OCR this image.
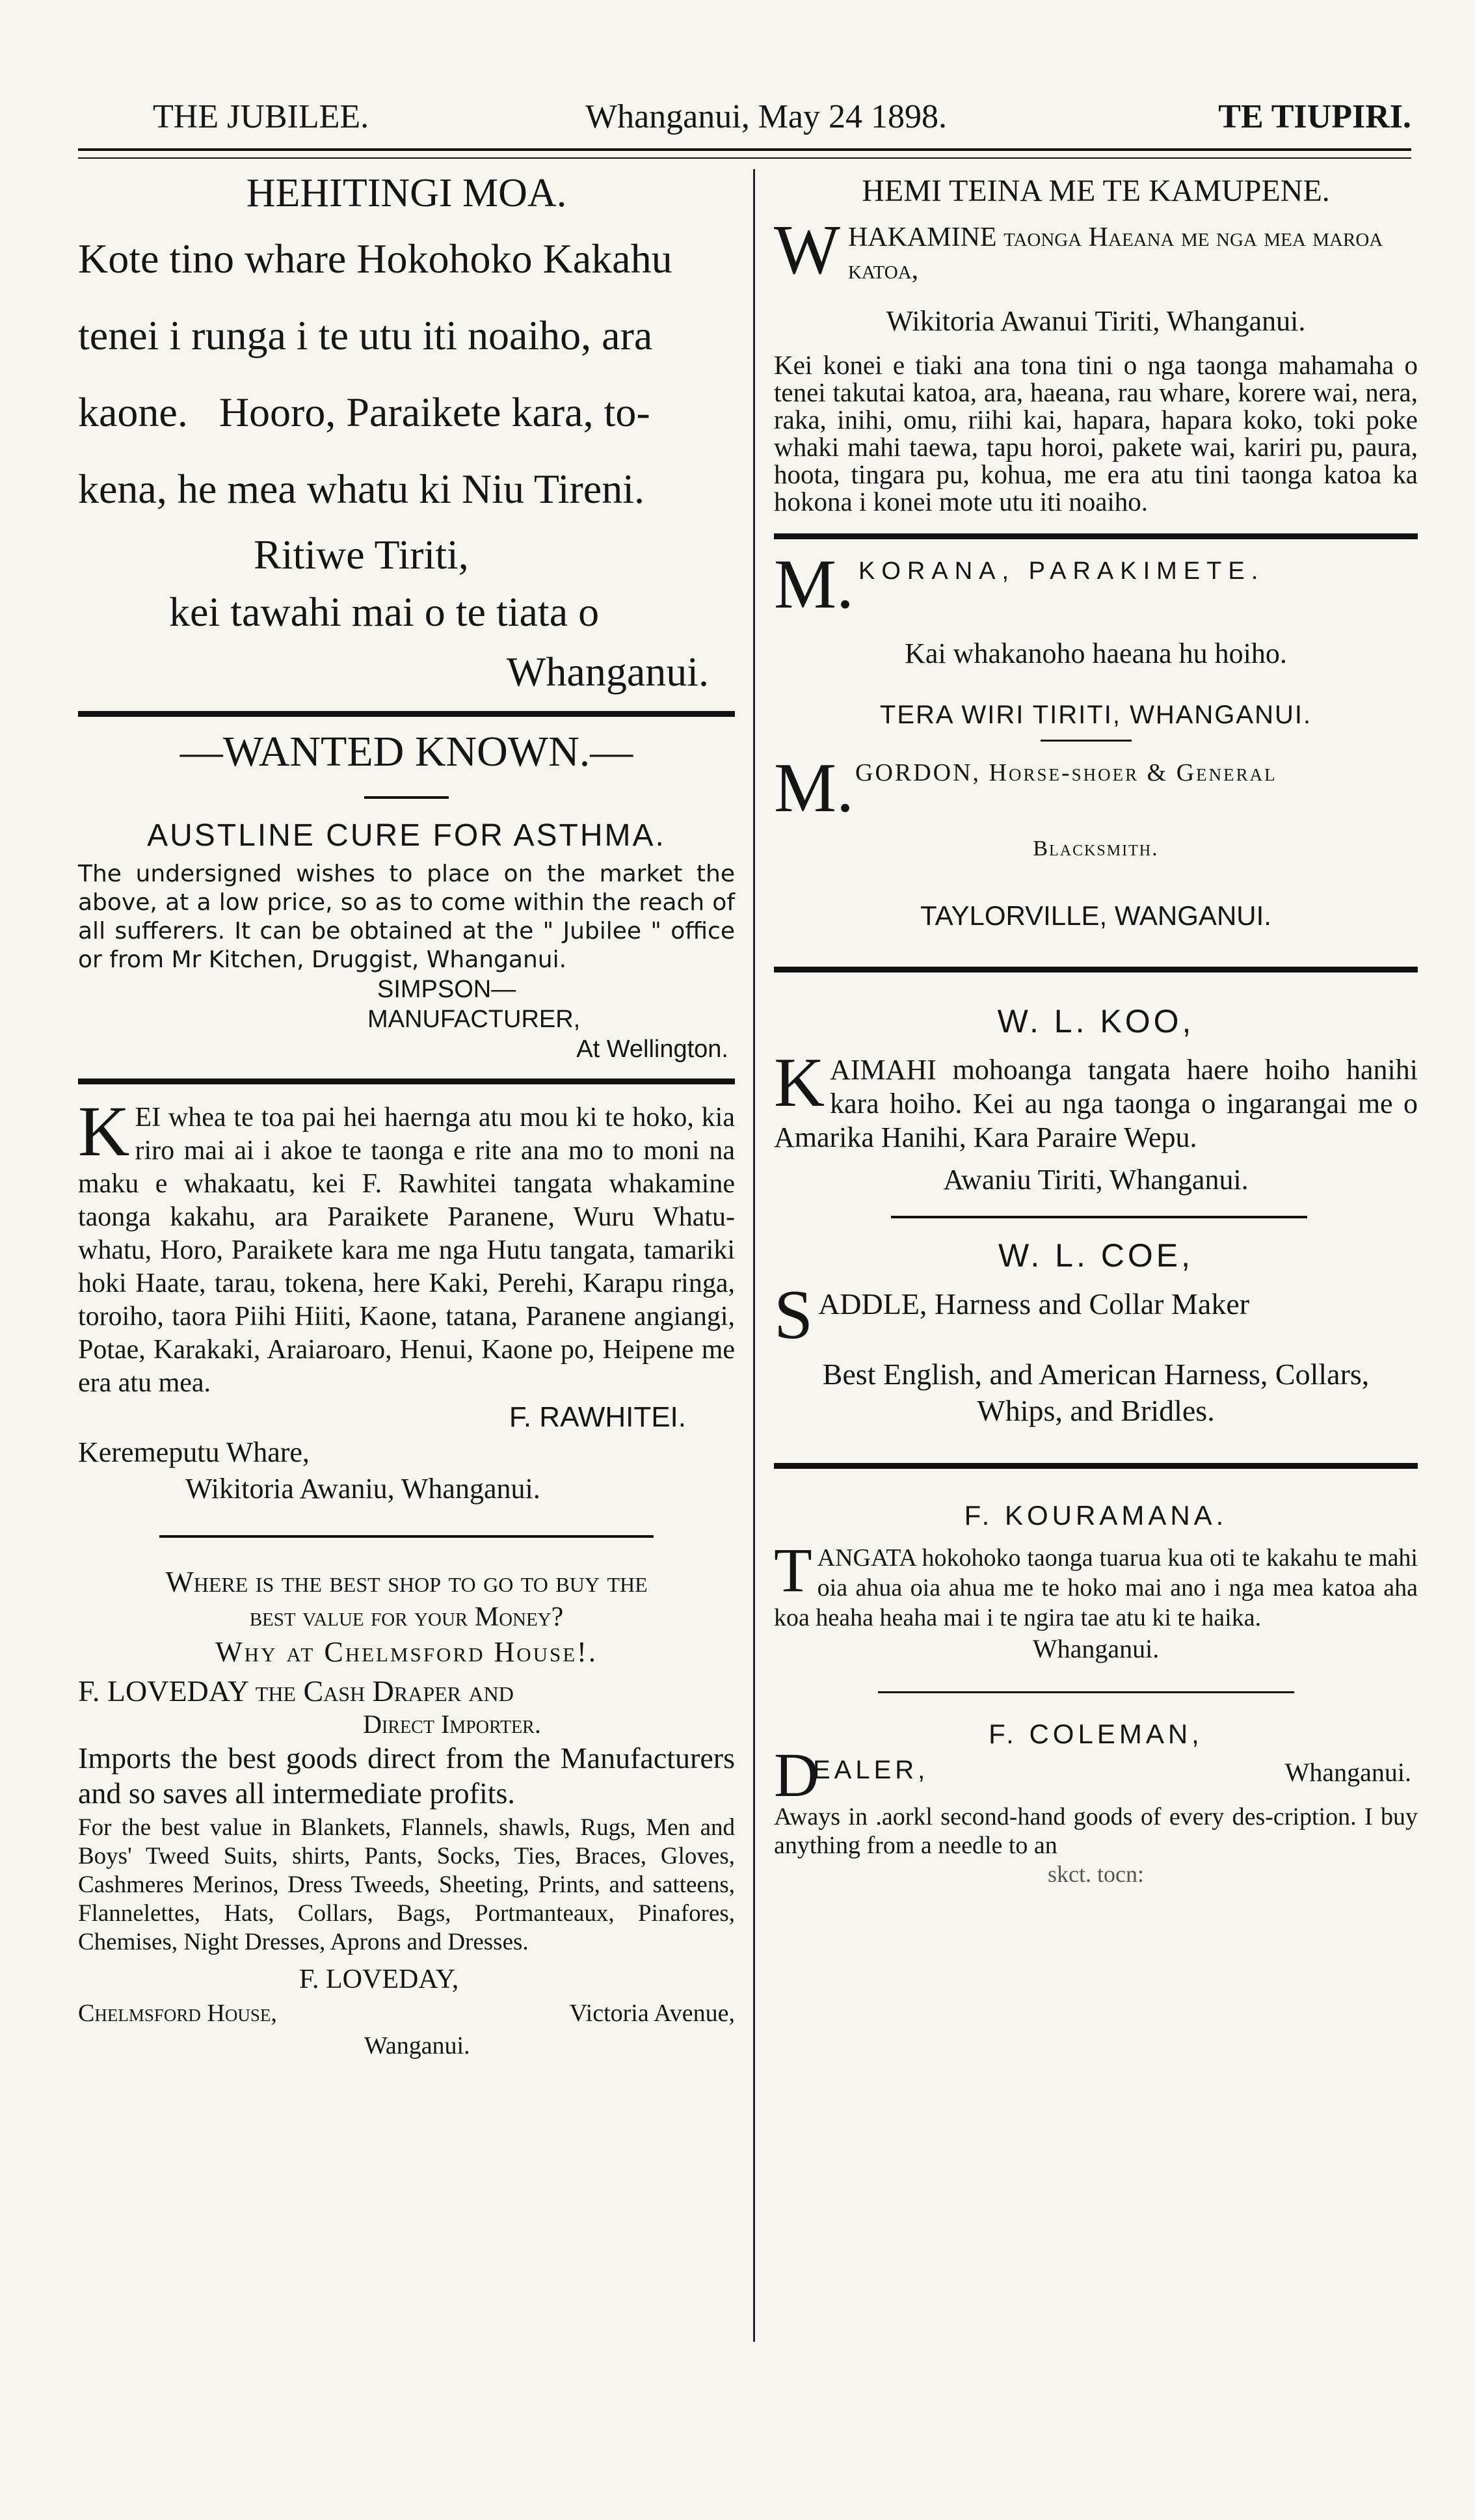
THE JUBILEE.	Whanganui, May 24 1898.	TE TIUPIRI.
HEHITINGI MOA.
Kote tino whare Hokohoko Kakahu
tenei i runga i te utu iti noaiho, ara
kaone.   Hooro, Paraikete kara, to-
kena, he mea whatu ki Niu Tireni.
Ritiwe Tiriti,
kei tawahi mai o te tiata o
Whanganui.
—WANTED KNOWN.—
AUSTLINE CURE FOR ASTHMA.

The undersigned wishes to place on the market the above, at a low price, so as to come within the reach of all sufferers. It can be obtained at the " Jubilee " office or from Mr Kitchen, Druggist, Whanganui.

SIMPSON—
MANUFACTURER,
At Wellington.

KEI whea te toa pai hei haernga atu mou ki te hoko, kia riro mai ai i akoe te taonga e rite ana mo to moni na maku e whakaatu, kei F. Rawhitei tangata whakamine taonga kakahu, ara Paraikete Paranene, Wuru Whatu-whatu, Horo, Paraikete kara me nga Hutu tangata, tamariki hoki Haate, tarau, tokena, here Kaki, Perehi, Karapu ringa, toroiho, taora Piihi Hiiti, Kaone, tatana, Paranene angiangi, Potae, Karakaki, Araiaroaro, Henui, Kaone po, Heipene me era atu mea.

F. RAWHITEI.
Keremeputu Whare,
Wikitoria Awaniu, Whanganui.
Where is the best shop to go to buy the
best value for your Money?
Why at Chelmsford House!.
F. LOVEDAY the Cash Draper and
Direct Importer.

Imports the best goods direct from the Manufacturers and so saves all intermediate profits.

For the best value in Blankets, Flannels, shawls, Rugs, Men and Boys' Tweed Suits, shirts, Pants, Socks, Ties, Braces, Gloves, Cashmeres Merinos, Dress Tweeds, Sheeting, Prints, and satteens, Flannelettes, Hats, Collars, Bags, Portmanteaux, Pinafores, Chemises, Night Dresses, Aprons and Dresses.

F. LOVEDAY,
Chelmsford House,	Victoria Avenue,
Wanganui.
HEMI TEINA ME TE KAMUPENE.

WHAKAMINE taonga Haeana me nga mea maroa katoa,

Wikitoria Awanui Tiriti, Whanganui.

Kei konei e tiaki ana tona tini o nga taonga mahamaha o tenei takutai katoa, ara, haeana, rau whare, korere wai, nera, raka, inihi, omu, riihi kai, hapara, hapara koko, toki poke whaki mahi taewa, tapu horoi, pakete wai, kariri pu, paura, hoota, tingara pu, kohua, me era atu tini taonga katoa ka hokona i konei mote utu iti noaiho.

M. KORANA, PARAKIMETE.
Kai whakanoho haeana hu hoiho.
TERA WIRI TIRITI, WHANGANUI.
M. GORDON, Horse-shoer & General
Blacksmith.
TAYLORVILLE, WANGANUI.
W. L. KOO,

KAIMAHI mohoanga tangata haere hoiho hanihi kara hoiho. Kei au nga taonga o ingarangai me o Amarika Hanihi, Kara Paraire Wepu.

Awaniu Tiriti, Whanganui.
W. L. COE,

SADDLE, Harness and Collar Maker

Best English, and American Harness, Collars, Whips, and Bridles.

F. KOURAMANA.

TANGATA hokohoko taonga tuarua kua oti te kakahu te mahi oia ahua oia ahua me te hoko mai ano i nga mea katoa aha koa heaha heaha mai i te ngira tae atu ki te haika.

Whanganui.
F. COLEMAN,
D
EALER,	Whanganui.

Aways in .aorkl second-hand goods of every des-cription. I buy anything from a needle to an

skct. tocn:
